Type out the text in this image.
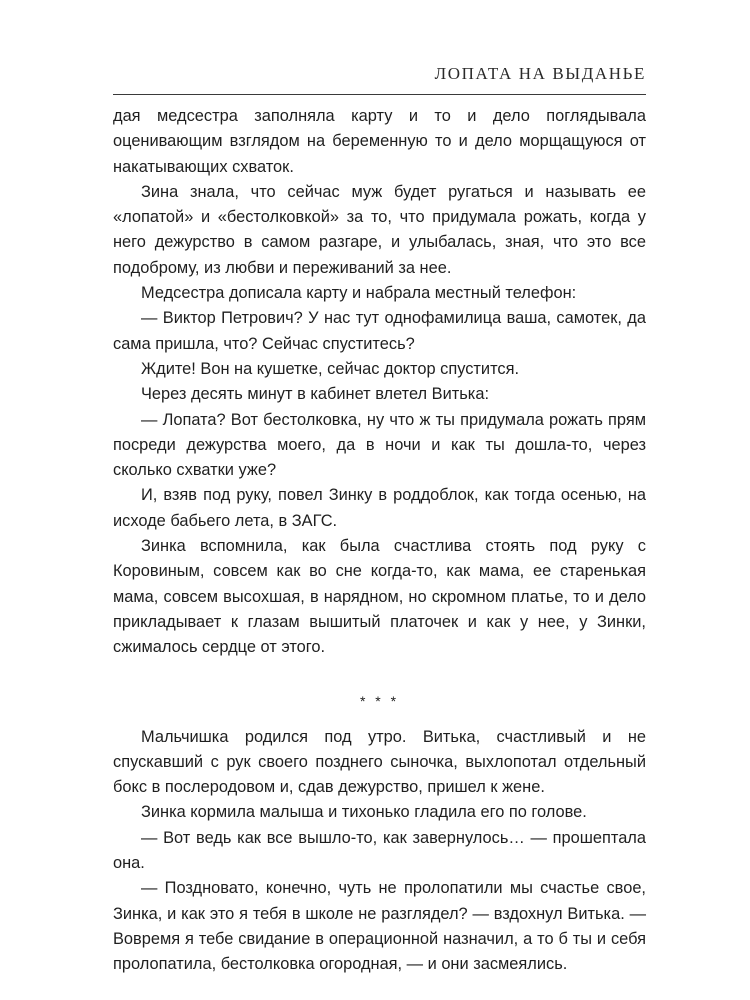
ЛОПАТА НА ВЫДАНЬЕ

дая медсестра заполняла карту и то и дело поглядывала оценивающим взглядом на беременную то и дело морщащуюся от накатывающих схваток.

Зина знала, что сейчас муж будет ругаться и называть ее «лопатой» и «бестолковкой» за то, что придумала рожать, когда у него дежурство в самом разгаре, и улыбалась, зная, что это все подоброму, из любви и переживаний за нее.

Медсестра дописала карту и набрала местный телефон:

— Виктор Петрович? У нас тут однофамилица ваша, самотек, да сама пришла, что? Сейчас спуститесь?

Ждите! Вон на кушетке, сейчас доктор спустится.

Через десять минут в кабинет влетел Витька:

— Лопата? Вот бестолковка, ну что ж ты придумала рожать прям посреди дежурства моего, да в ночи и как ты дошла-то, через сколько схватки уже?

И, взяв под руку, повел Зинку в роддоблок, как тогда осенью, на исходе бабьего лета, в ЗАГС.

Зинка вспомнила, как была счастлива стоять под руку с Коровиным, совсем как во сне когда-то, как мама, ее старенькая мама, совсем высохшая, в нарядном, но скромном платье, то и дело прикладывает к глазам вышитый платочек и как у нее, у Зинки, сжималось сердце от этого.

* * *

Мальчишка родился под утро. Витька, счастливый и не спускавший с рук своего позднего сыночка, выхлопотал отдельный бокс в послеродовом и, сдав дежурство, пришел к жене.

Зинка кормила малыша и тихонько гладила его по голове.

— Вот ведь как все вышло-то, как завернулось… — прошептала она.

— Поздновато, конечно, чуть не пролопатили мы счастье свое, Зинка, и как это я тебя в школе не разглядел? — вздохнул Витька. — Вовремя я тебе свидание в операционной назначил, а то б ты и себя пролопатила, бестолковка огородная, — и они засмеялись.
